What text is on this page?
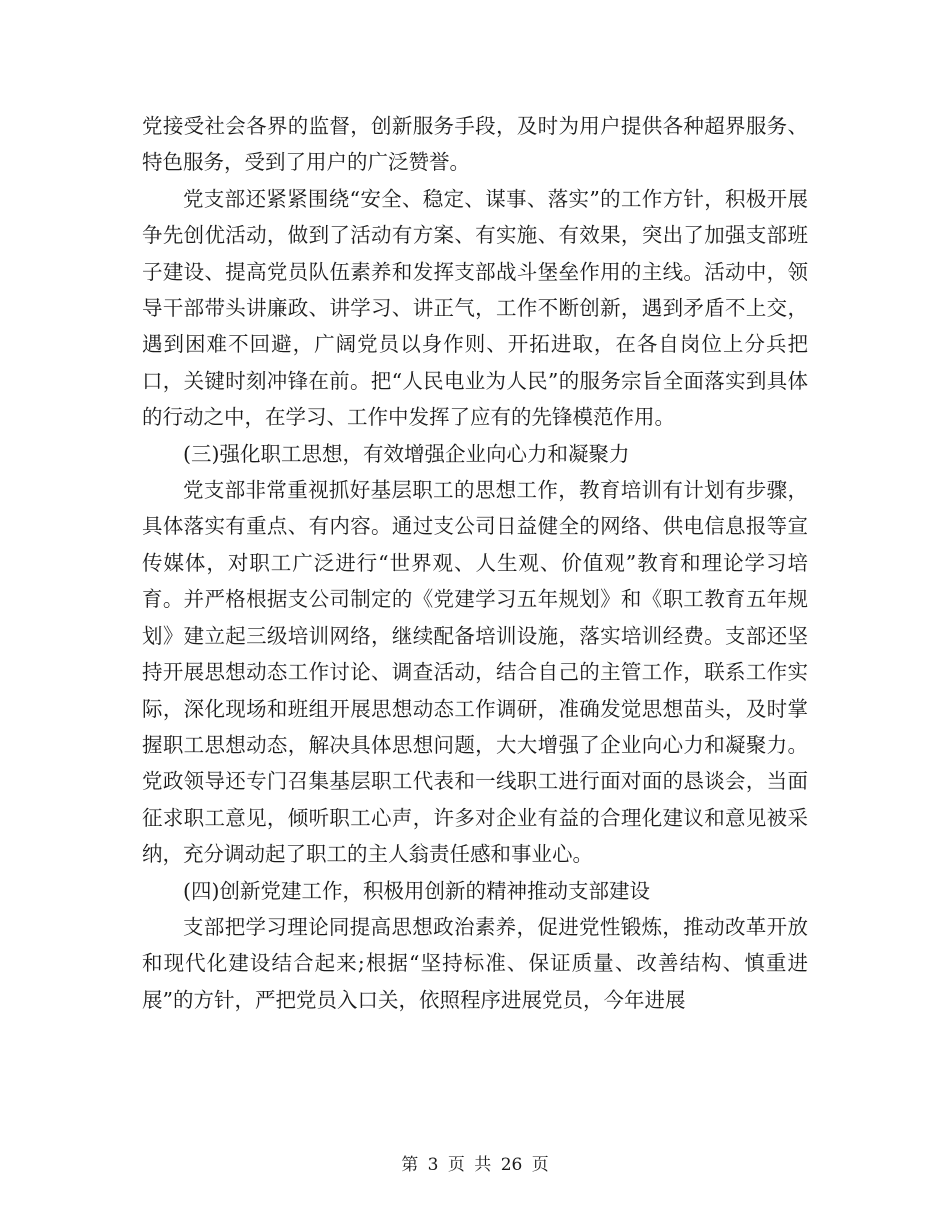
党接受社会各界的监督，创新服务手段，及时为用户提供各种超界服务、特色服务，受到了用户的广泛赞誉。

党支部还紧紧围绕“安全、稳定、谋事、落实”的工作方针，积极开展争先创优活动，做到了活动有方案、有实施、有效果，突出了加强支部班子建设、提高党员队伍素养和发挥支部战斗堡垒作用的主线。活动中，领导干部带头讲廉政、讲学习、讲正气，工作不断创新，遇到矛盾不上交，遇到困难不回避，广阔党员以身作则、开拓进取，在各自岗位上分兵把口，关键时刻冲锋在前。把“人民电业为人民”的服务宗旨全面落实到具体的行动之中，在学习、工作中发挥了应有的先锋模范作用。

(三)强化职工思想，有效增强企业向心力和凝聚力

党支部非常重视抓好基层职工的思想工作，教育培训有计划有步骤，具体落实有重点、有内容。通过支公司日益健全的网络、供电信息报等宣传媒体，对职工广泛进行“世界观、人生观、价值观”教育和理论学习培育。并严格根据支公司制定的《党建学习五年规划》和《职工教育五年规划》建立起三级培训网络，继续配备培训设施，落实培训经费。支部还坚持开展思想动态工作讨论、调查活动，结合自己的主管工作，联系工作实际，深化现场和班组开展思想动态工作调研，准确发觉思想苗头，及时掌握职工思想动态，解决具体思想问题，大大增强了企业向心力和凝聚力。党政领导还专门召集基层职工代表和一线职工进行面对面的恳谈会，当面征求职工意见，倾听职工心声，许多对企业有益的合理化建议和意见被采纳，充分调动起了职工的主人翁责任感和事业心。

(四)创新党建工作，积极用创新的精神推动支部建设

支部把学习理论同提高思想政治素养，促进党性锻炼，推动改革开放和现代化建设结合起来;根据“坚持标准、保证质量、改善结构、慎重进展”的方针，严把党员入口关，依照程序进展党员，今年进展

第 3 页 共 26 页
